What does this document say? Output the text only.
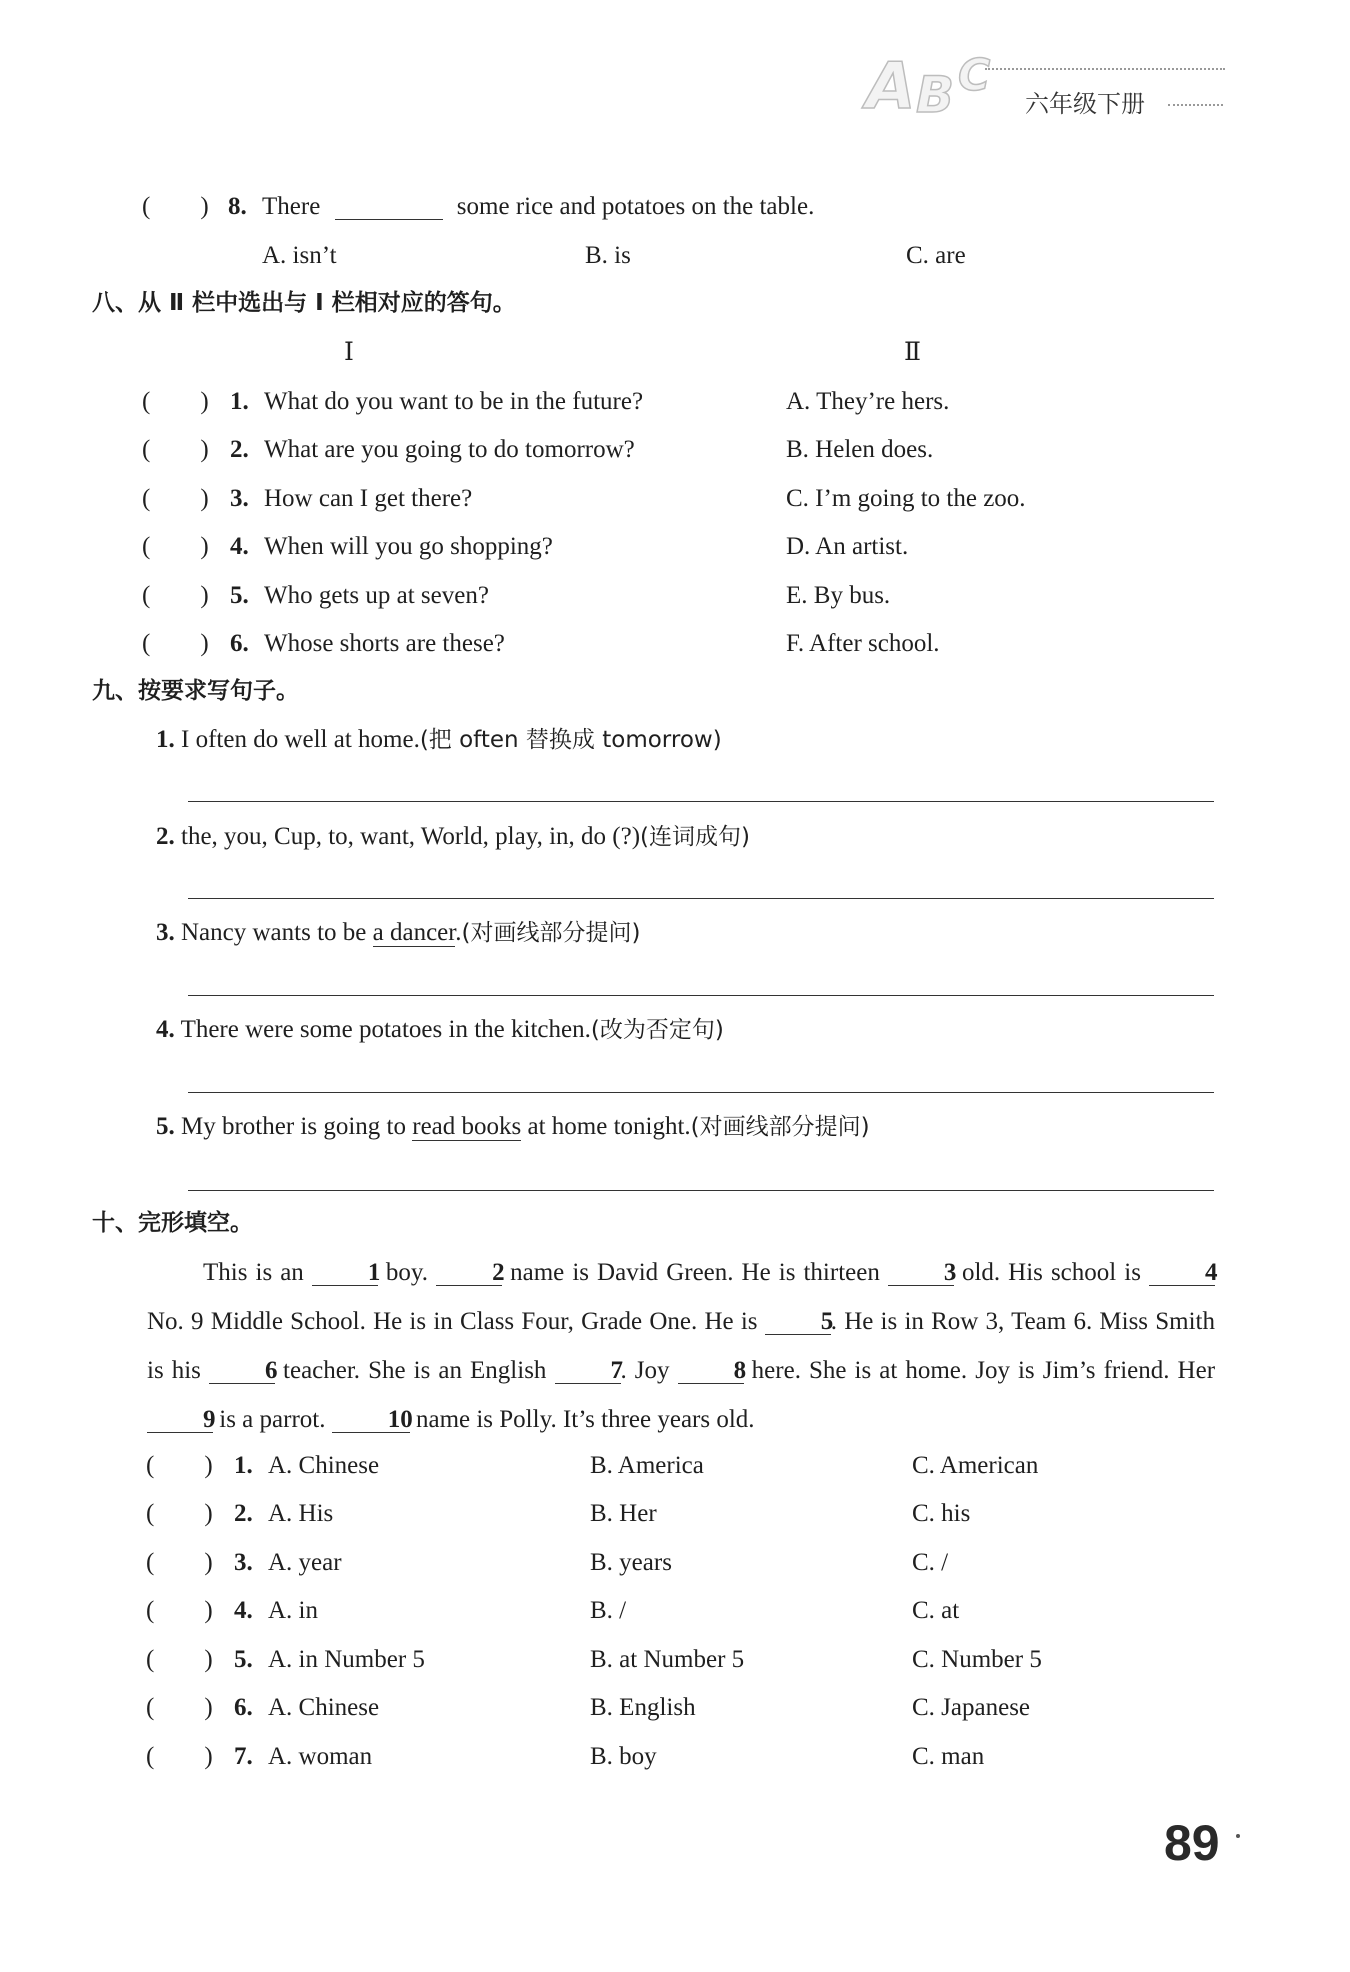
A B C
六年级下册
(        ) 8. There	some rice and potatoes on the table.
A. isn’t	B. is	C. are
八、从 Ⅱ 栏中选出与 Ⅰ 栏相对应的答句。
Ⅰ	Ⅱ
(        ) 1. What do you want to be in the future?	A. They’re hers.
(        ) 2. What are you going to do tomorrow?	B. Helen does.
(        ) 3. How can I get there?	C. I’m going to the zoo.
(        ) 4. When will you go shopping?	D. An artist.
(        ) 5. Who gets up at seven?	E. By bus.
(        ) 6. Whose shorts are these?	F. After school.
九、按要求写句子。
1. I often do well at home.(把 often 替换成 tomorrow)
2. the, you, Cup, to, want, World, play, in, do (?)(连词成句)
3. Nancy wants to be a dancer.(对画线部分提问)
4. There were some potatoes in the kitchen.(改为否定句)
5. My brother is going to read books at home tonight.(对画线部分提问)
十、完形填空。
This is an	1 boy.	2 name is David Green. He is thirteen	3 old. His school is	4 No. 9 Middle School. He is in Class Four, Grade One. He is	5. He is in Row 3, Team 6. Miss Smith is his	6 teacher. She is an English	7. Joy	8 here. She is at home. Joy is Jim’s friend. Her 9 is a parrot. 10 name is Polly. It’s three years old.
(        ) 1. A. Chinese	B. America	C. American
(        ) 2. A. His	B. Her	C. his
(        ) 3. A. year	B. years	C. /
(        ) 4. A. in	B. /	C. at
(        ) 5. A. in Number 5	B. at Number 5	C. Number 5
(        ) 6. A. Chinese	B. English	C. Japanese
(        ) 7. A. woman	B. boy	C. man
89
